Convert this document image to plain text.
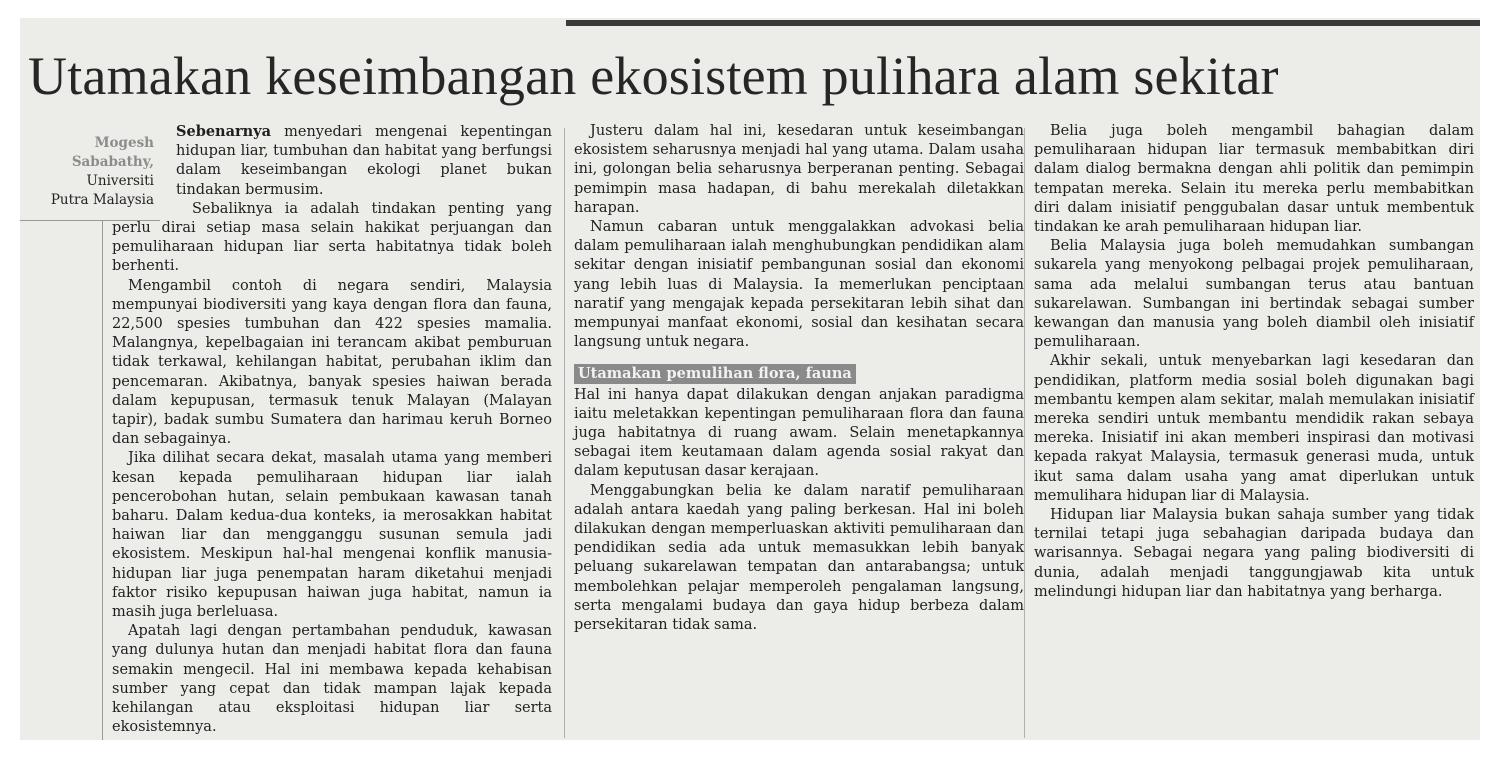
Utamakan keseimbangan ekosistem pulihara alam sekitar
Mogesh
Sababathy,
Universiti
Putra Malaysia

Sebenarnya menyedari mengenai kepentingan hidupan liar, tumbuhan dan habitat yang berfungsi dalam keseimbangan ekologi planet bukan tindakan bermusim.

Sebaliknya ia adalah tindakan penting yang perlu dirai setiap masa selain hakikat perjuangan dan pemuliharaan hidupan liar serta habitatnya tidak boleh berhenti.

Mengambil contoh di negara sendiri, Malaysia mempunyai biodiversiti yang kaya dengan flora dan fauna, 22,500 spesies tumbuhan dan 422 spesies mamalia. Malangnya, kepelbagaian ini terancam akibat pemburuan tidak terkawal, kehilangan habitat, perubahan iklim dan pencemaran. Akibatnya, banyak spesies haiwan berada dalam kepupusan, termasuk tenuk Malayan (Malayan tapir), badak sumbu Sumatera dan harimau keruh Borneo dan sebagainya.

Jika dilihat secara dekat, masalah utama yang memberi kesan kepada pemuliharaan hidupan liar ialah pencerobohan hutan, selain pembukaan kawasan tanah baharu. Dalam kedua-dua konteks, ia merosakkan habitat haiwan liar dan mengganggu susunan semula jadi ekosistem. Meskipun hal-hal mengenai konflik manusia-hidupan liar juga penempatan haram diketahui menjadi faktor risiko kepupusan haiwan juga habitat, namun ia masih juga berleluasa.

Apatah lagi dengan pertambahan penduduk, kawasan yang dulunya hutan dan menjadi habitat flora dan fauna semakin mengecil. Hal ini membawa kepada kehabisan sumber yang cepat dan tidak mampan lajak kepada kehilangan atau eksploitasi hidupan liar serta ekosistemnya.

Justeru dalam hal ini, kesedaran untuk keseimbangan ekosistem seharusnya menjadi hal yang utama. Dalam usaha ini, golongan belia seharusnya berperanan penting. Sebagai pemimpin masa hadapan, di bahu merekalah diletakkan harapan.

Namun cabaran untuk menggalakkan advokasi belia dalam pemuliharaan ialah menghubungkan pendidikan alam sekitar dengan inisiatif pembangunan sosial dan ekonomi yang lebih luas di Malaysia. Ia memerlukan penciptaan naratif yang mengajak kepada persekitaran lebih sihat dan mempunyai manfaat ekonomi, sosial dan kesihatan secara langsung untuk negara.

Utamakan pemulihan flora, fauna

Hal ini hanya dapat dilakukan dengan anjakan paradigma iaitu meletakkan kepentingan pemuliharaan flora dan fauna juga habitatnya di ruang awam. Selain menetapkannya sebagai item keutamaan dalam agenda sosial rakyat dan dalam keputusan dasar kerajaan.

Menggabungkan belia ke dalam naratif pemuliharaan adalah antara kaedah yang paling berkesan. Hal ini boleh dilakukan dengan memperluaskan aktiviti pemuliharaan dan pendidikan sedia ada untuk memasukkan lebih banyak peluang sukarelawan tempatan dan antarabangsa; untuk membolehkan pelajar memperoleh pengalaman langsung, serta mengalami budaya dan gaya hidup berbeza dalam persekitaran tidak sama.

Belia juga boleh mengambil bahagian dalam pemuliharaan hidupan liar termasuk membabitkan diri dalam dialog bermakna dengan ahli politik dan pemimpin tempatan mereka. Selain itu mereka perlu membabitkan diri dalam inisiatif penggubalan dasar untuk membentuk tindakan ke arah pemuliharaan hidupan liar.

Belia Malaysia juga boleh memudahkan sumbangan sukarela yang menyokong pelbagai projek pemuliharaan, sama ada melalui sumbangan terus atau bantuan sukarelawan. Sumbangan ini bertindak sebagai sumber kewangan dan manusia yang boleh diambil oleh inisiatif pemuliharaan.

Akhir sekali, untuk menyebarkan lagi kesedaran dan pendidikan, platform media sosial boleh digunakan bagi membantu kempen alam sekitar, malah memulakan inisiatif mereka sendiri untuk membantu mendidik rakan sebaya mereka. Inisiatif ini akan memberi inspirasi dan motivasi kepada rakyat Malaysia, termasuk generasi muda, untuk ikut sama dalam usaha yang amat diperlukan untuk memulihara hidupan liar di Malaysia.

Hidupan liar Malaysia bukan sahaja sumber yang tidak ternilai tetapi juga sebahagian daripada budaya dan warisannya. Sebagai negara yang paling biodiversiti di dunia, adalah menjadi tanggungjawab kita untuk melindungi hidupan liar dan habitatnya yang berharga.
